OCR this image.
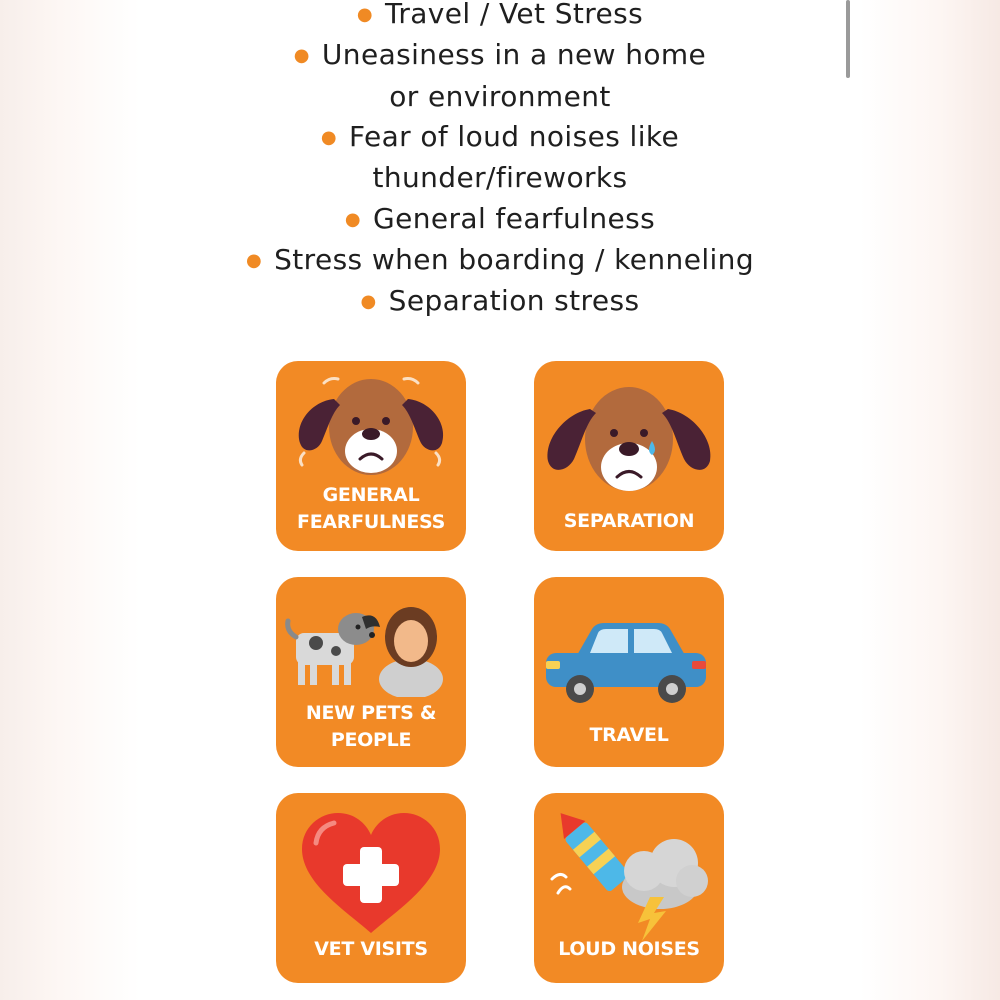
● Travel / Vet Stress
● Uneasiness in a new home or environment
● Fear of loud noises like thunder/fireworks
● General fearfulness
● Stress when boarding / kenneling
● Separation stress
GENERAL
FEARFULNESS	SEPARATION
NEW PETS &
PEOPLE	TRAVEL
VET VISITS	LOUD NOISES
